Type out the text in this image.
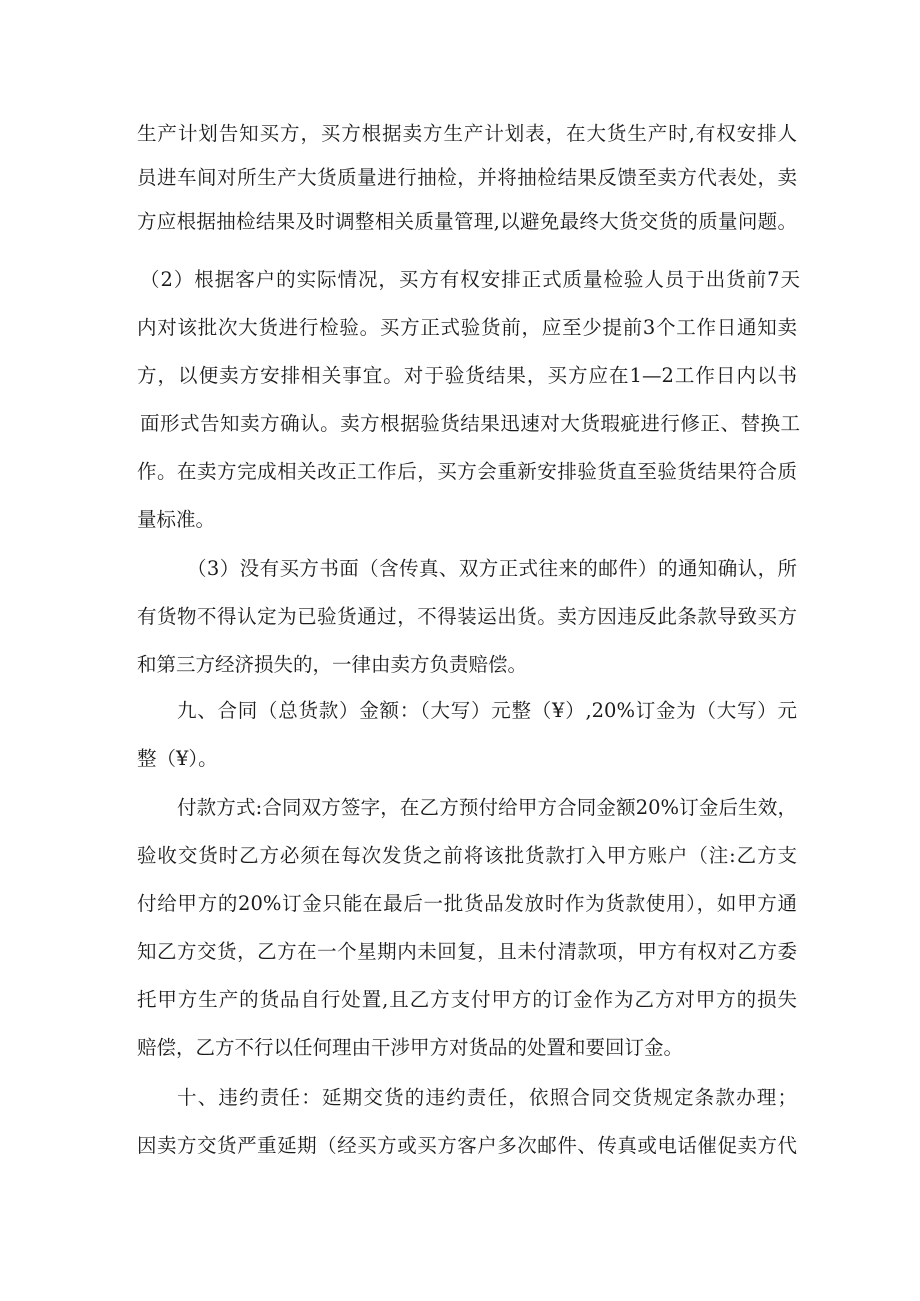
生产计划告知买方，买方根据卖方生产计划表，在大货生产时,有权安排人
员进车间对所生产大货质量进行抽检，并将抽检结果反馈至卖方代表处，卖
方应根据抽检结果及时调整相关质量管理,以避免最终大货交货的质量问题。
（2）根据客户的实际情况，买方有权安排正式质量检验人员于出货前7天
内对该批次大货进行检验。买方正式验货前，应至少提前3个工作日通知卖
方，以便卖方安排相关事宜。对于验货结果，买方应在1—2工作日内以书
面形式告知卖方确认。卖方根据验货结果迅速对大货瑕疵进行修正、替换工
作。在卖方完成相关改正工作后，买方会重新安排验货直至验货结果符合质
量标准。
（3）没有买方书面（含传真、双方正式往来的邮件）的通知确认，所
有货物不得认定为已验货通过，不得装运出货。卖方因违反此条款导致买方
和第三方经济损失的，一律由卖方负责赔偿。
九、合同（总货款）金额：（大写）元整（¥）,20%订金为（大写）元
整（¥）。
付款方式:合同双方签字，在乙方预付给甲方合同金额20%订金后生效，
验收交货时乙方必须在每次发货之前将该批货款打入甲方账户（注:乙方支
付给甲方的20%订金只能在最后一批货品发放时作为货款使用），如甲方通
知乙方交货，乙方在一个星期内未回复，且未付清款项，甲方有权对乙方委
托甲方生产的货品自行处置,且乙方支付甲方的订金作为乙方对甲方的损失
赔偿，乙方不行以任何理由干涉甲方对货品的处置和要回订金。
十、违约责任：延期交货的违约责任，依照合同交货规定条款办理；
因卖方交货严重延期（经买方或买方客户多次邮件、传真或电话催促卖方代
